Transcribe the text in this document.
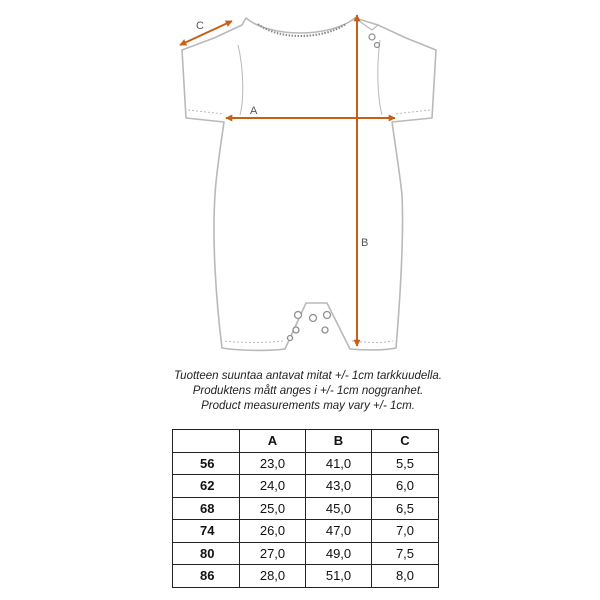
A
B
C
Tuotteen suuntaa antavat mitat +/- 1cm tarkkuudella.
Produktens mått anges i +/- 1cm noggranhet.
Product measurements may vary +/- 1cm.
	A	B	C
56	23,0	41,0	5,5
62	24,0	43,0	6,0
68	25,0	45,0	6,5
74	26,0	47,0	7,0
80	27,0	49,0	7,5
86	28,0	51,0	8,0
